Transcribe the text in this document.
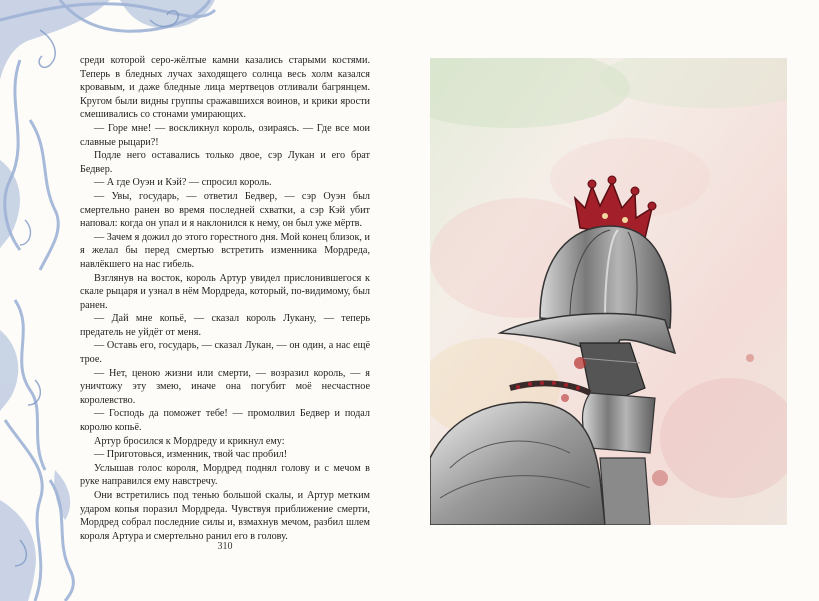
среди которой серо-жёлтые камни казались старыми костями. Теперь в бледных лучах заходящего солнца весь холм казался кровавым, и даже бледные лица мертвецов отливали багрянцем. Кругом были видны группы сражавшихся воинов, и крики ярости смешивались со стонами умирающих.

— Горе мне! — воскликнул король, озираясь. — Где все мои славные рыцари?!

Подле него оставались только двое, сэр Лукан и его брат Бедвер.

— А где Оуэн и Кэй? — спросил король.

— Увы, государь, — ответил Бедвер, — сэр Оуэн был смертельно ранен во время последней схватки, а сэр Кэй убит наповал: когда он упал и я наклонился к нему, он был уже мёртв.

— Зачем я дожил до этого горестного дня. Мой конец близок, и я желал бы перед смертью встретить изменника Мордреда, навлёкшего на нас гибель.

Взглянув на восток, король Артур увидел прислонившегося к скале рыцаря и узнал в нём Мордреда, который, по-видимому, был ранен.

— Дай мне копьё, — сказал король Лукану, — теперь предатель не уйдёт от меня.

— Оставь его, государь, — сказал Лукан, — он один, а нас ещё трое.

— Нет, ценою жизни или смерти, — возразил король, — я уничтожу эту змею, иначе она погубит моё несчастное королевство.

— Господь да поможет тебе! — промолвил Бедвер и подал королю копьё.

Артур бросился к Мордреду и крикнул ему:

— Приготовься, изменник, твой час пробил!

Услышав голос короля, Мордред поднял голову и с мечом в руке направился ему навстречу.

Они встретились под тенью большой скалы, и Артур метким ударом копья поразил Мордреда. Чувствуя приближение смерти, Мордред собрал последние силы и, взмахнув мечом, разбил шлем короля Артура и смертельно ранил его в голову.

310
